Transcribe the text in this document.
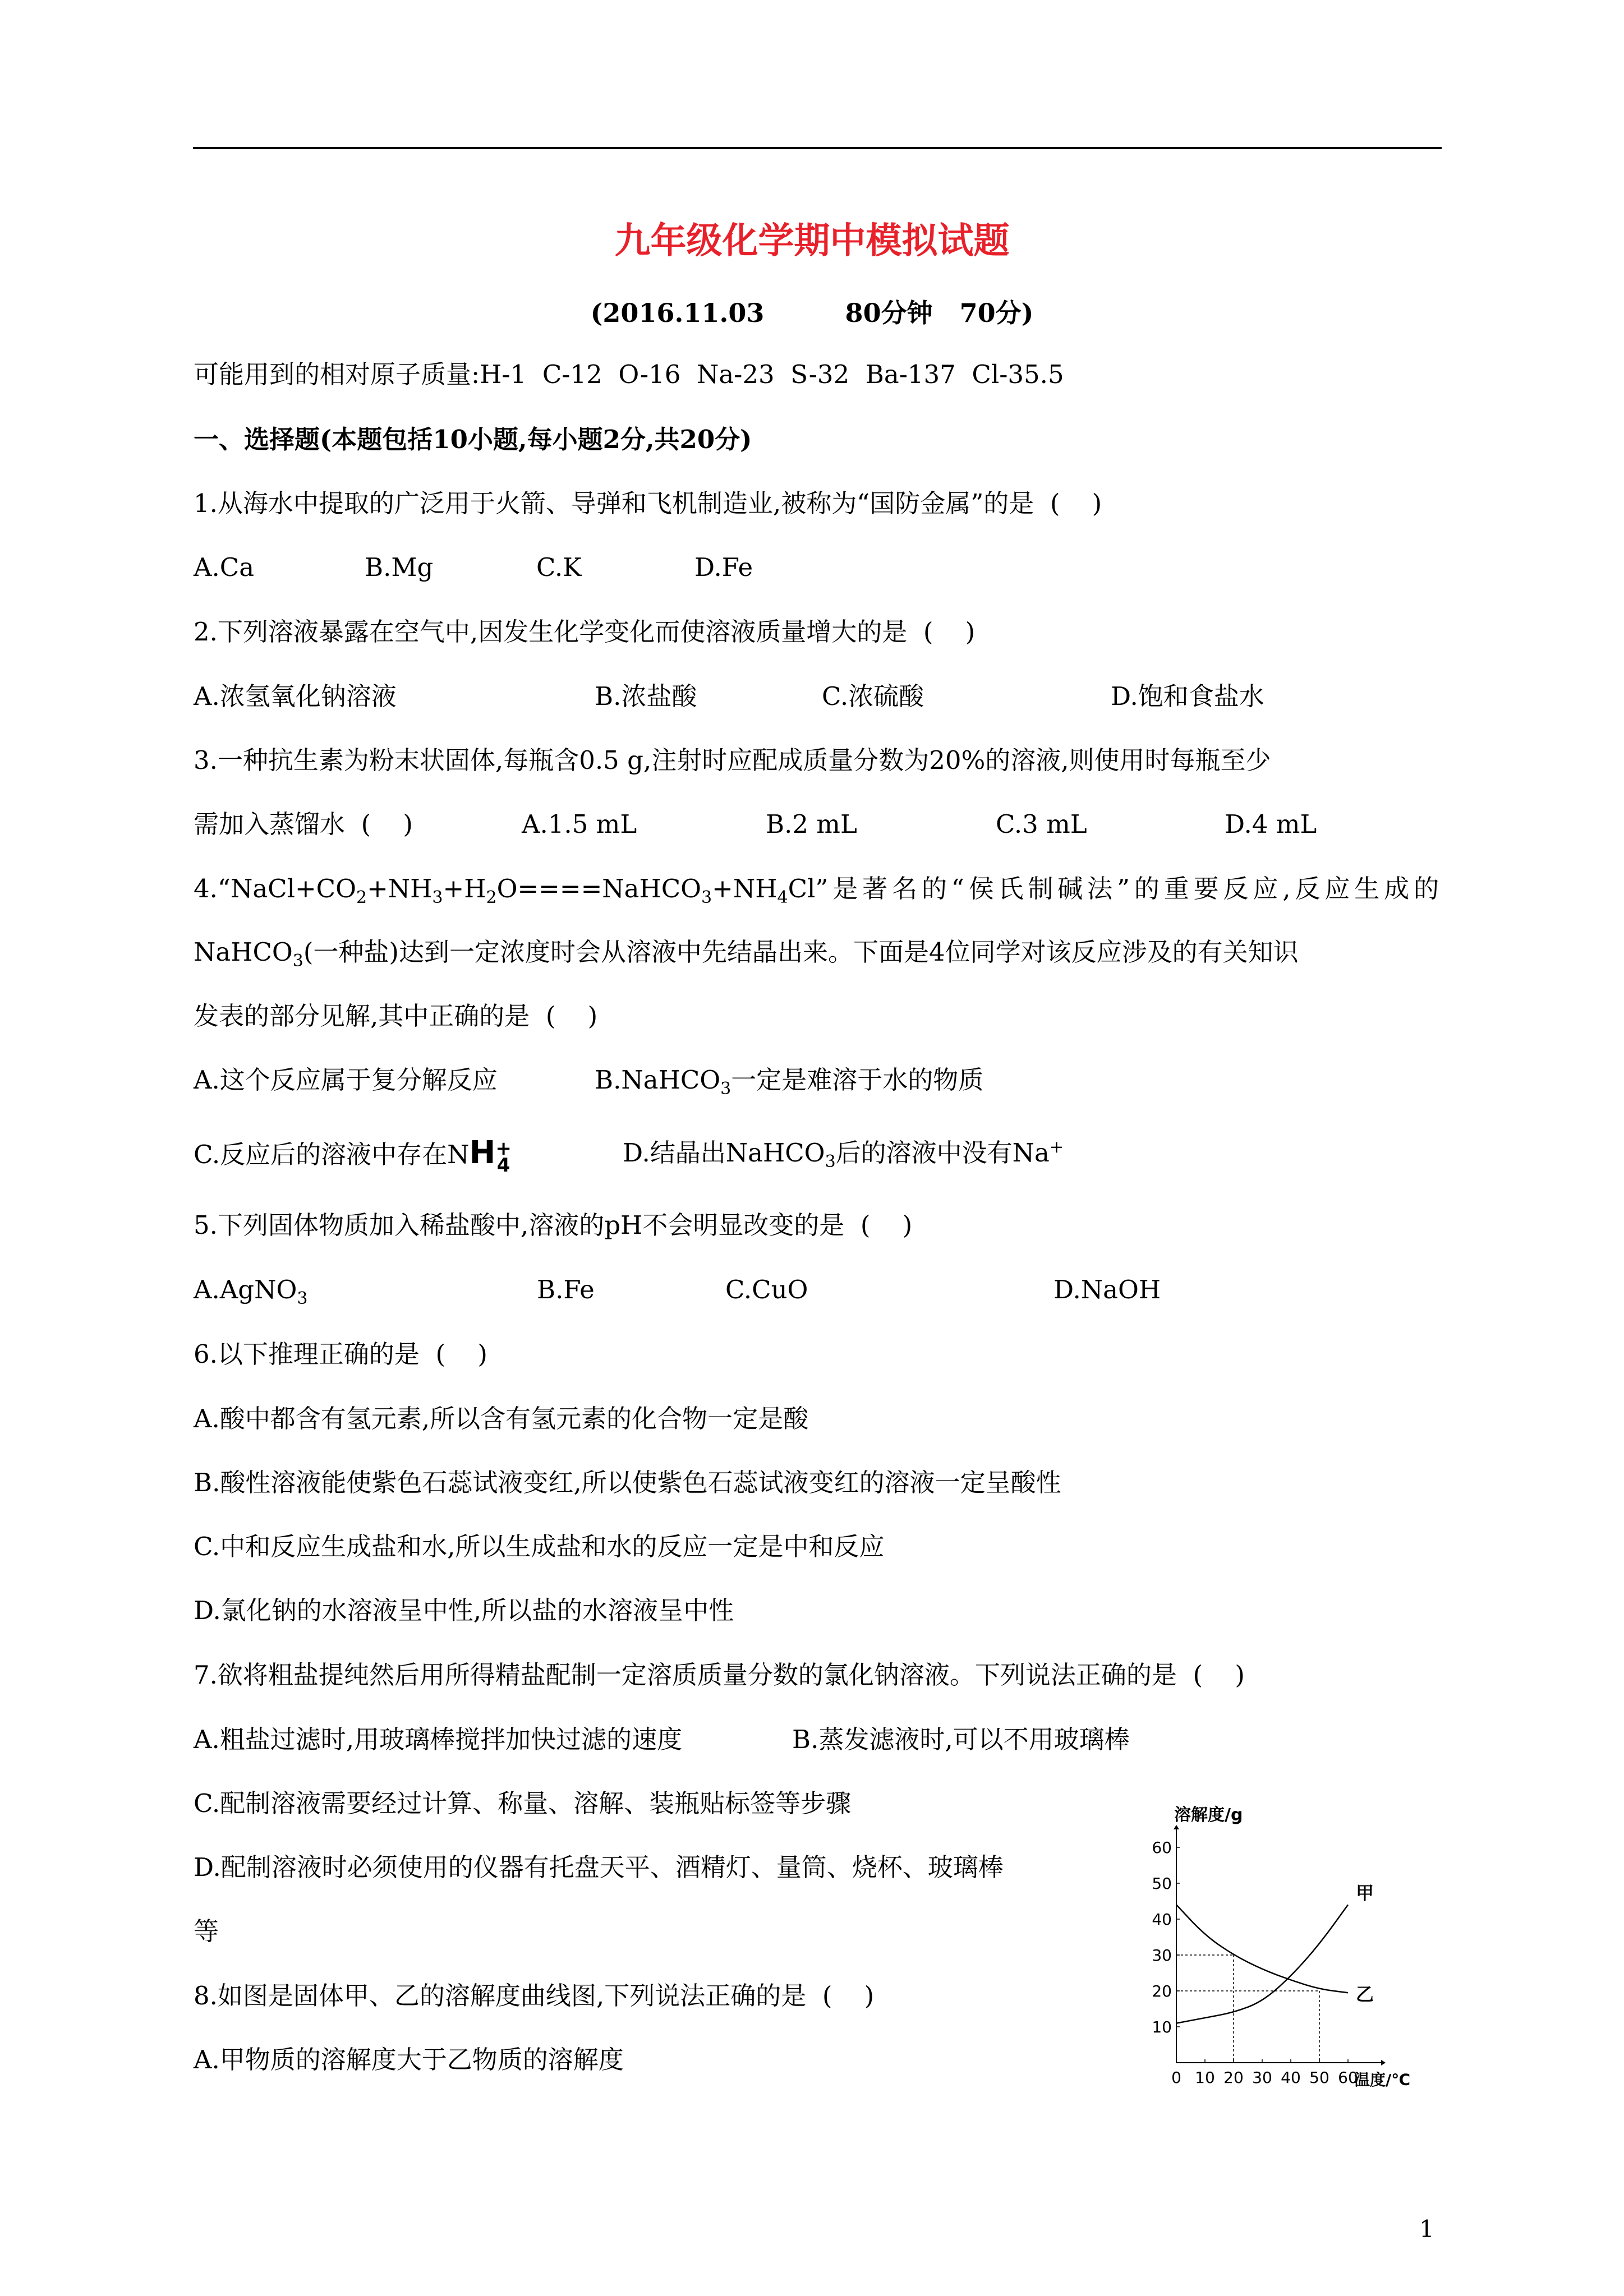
九年级化学期中模拟试题
(2016.11.03         80分钟   70分)
可能用到的相对原子质量:H-1  C-12  O-16  Na-23  S-32  Ba-137  Cl-35.5
一、选择题(本题包括10小题,每小题2分,共20分)
1.从海水中提取的广泛用于火箭、导弹和飞机制造业,被称为“国防金属”的是  (    )
A.Ca	B.Mg	C.K	D.Fe
2.下列溶液暴露在空气中,因发生化学变化而使溶液质量增大的是  (    )
A.浓氢氧化钠溶液	B.浓盐酸	C.浓硫酸	D.饱和食盐水
3.一种抗生素为粉末状固体,每瓶含0.5 g,注射时应配成质量分数为20%的溶液,则使用时每瓶至少
需加入蒸馏水  (    )	A.1.5 mL	B.2 mL	C.3 mL	D.4 mL
$4.“NaCl+CO_2+NH_3+H_2O====NaHCO_3+NH_4Cl$”是著名的“侯氏制碱法”的重要反应,反应生成的
NaHCO$_3$(一种盐)达到一定浓度时会从溶液中先结晶出来。下面是4位同学对该反应涉及的有关知识
发表的部分见解,其中正确的是  (    )
A.这个反应属于复分解反应	B.NaHCO$_3$一定是难溶于水的物质
C.反应后的溶液中存在NH +
4	D.结晶出NaHCO$_3$后的溶液中没有Na+
5.下列固体物质加入稀盐酸中,溶液的pH不会明显改变的是  (    )
A.AgNO$_3$	B.Fe	C.CuO	D.NaOH
6.以下推理正确的是  (    )
A.酸中都含有氢元素,所以含有氢元素的化合物一定是酸
B.酸性溶液能使紫色石蕊试液变红,所以使紫色石蕊试液变红的溶液一定呈酸性
C.中和反应生成盐和水,所以生成盐和水的反应一定是中和反应
D.氯化钠的水溶液呈中性,所以盐的水溶液呈中性
7.欲将粗盐提纯然后用所得精盐配制一定溶质质量分数的氯化钠溶液。下列说法正确的是  (    )
A.粗盐过滤时,用玻璃棒搅拌加快过滤的速度	B.蒸发滤液时,可以不用玻璃棒
C.配制溶液需要经过计算、称量、溶解、装瓶贴标签等步骤
D.配制溶液时必须使用的仪器有托盘天平、酒精灯、量筒、烧杯、玻璃棒
等
8.如图是固体甲、乙的溶解度曲线图,下列说法正确的是  (    )
A.甲物质的溶解度大于乙物质的溶解度
0 10 20 30 40 50 60
10
20
30
40
50
60
溶解度/g
温度/℃
甲
乙
1
